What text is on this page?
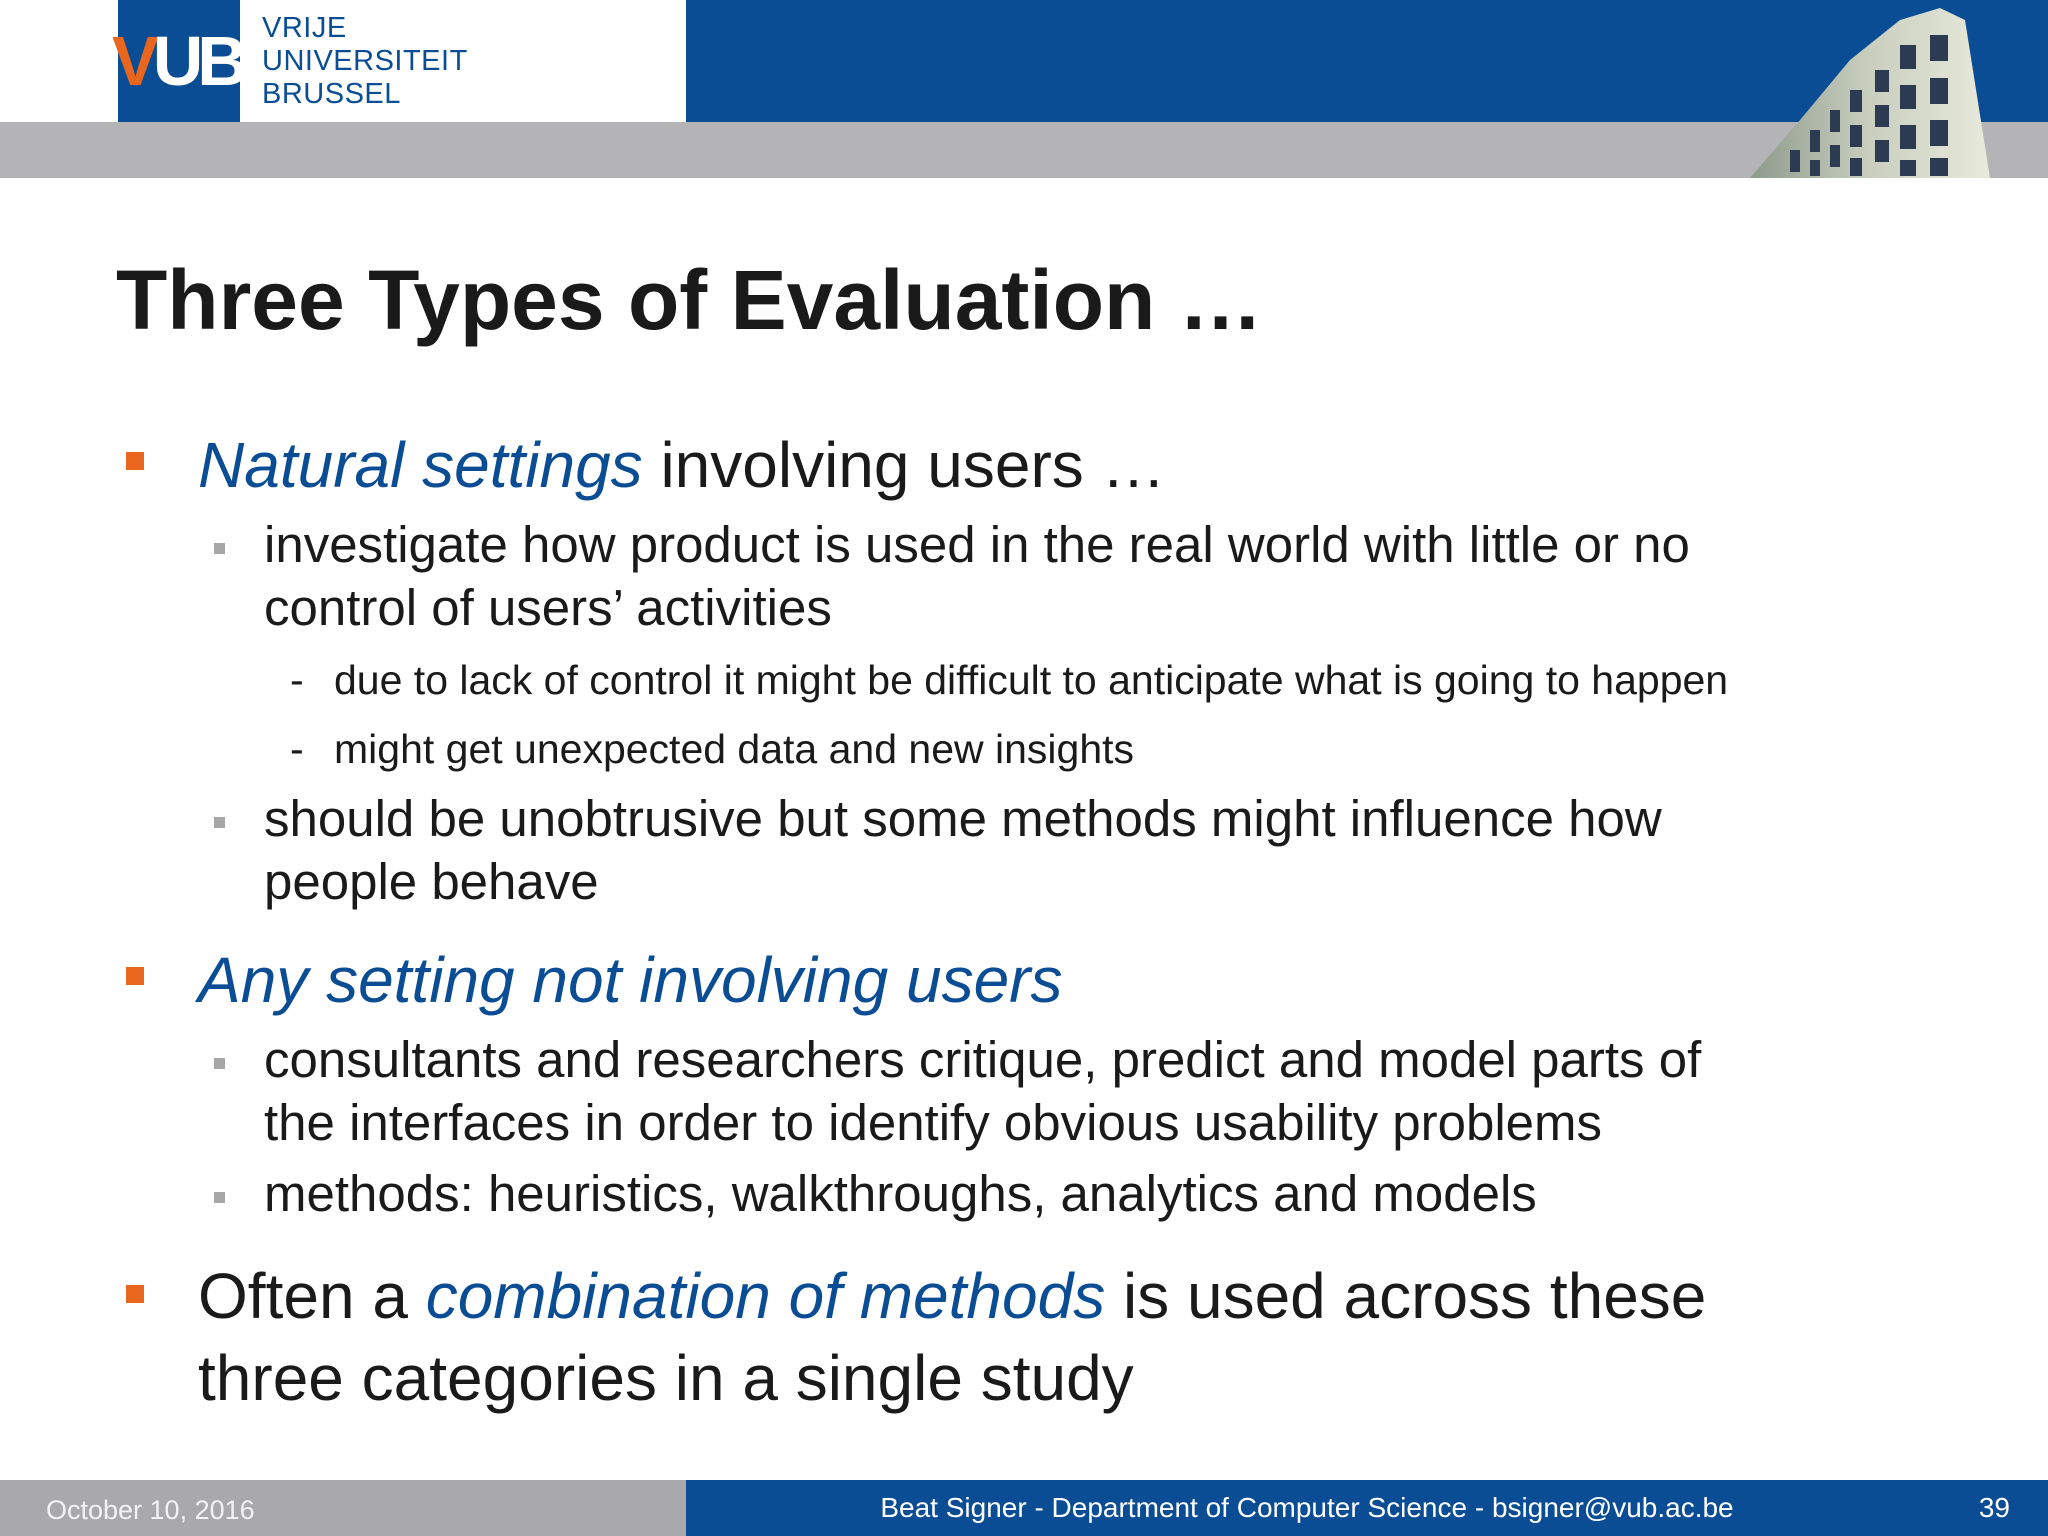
VUB VRIJE
UNIVERSITEIT
BRUSSEL
Three Types of Evaluation …
Natural settings involving users …
investigate how product is used in the real world with little or no
control of users’ activities
- due to lack of control it might be difficult to anticipate what is going to happen
- might get unexpected data and new insights
should be unobtrusive but some methods might influence how
people behave
Any setting not involving users
consultants and researchers critique, predict and model parts of
the interfaces in order to identify obvious usability problems
methods: heuristics, walkthroughs, analytics and models
Often a combination of methods is used across these
three categories in a single study
October 10, 2016	Beat Signer - Department of Computer Science - bsigner@vub.ac.be	39
